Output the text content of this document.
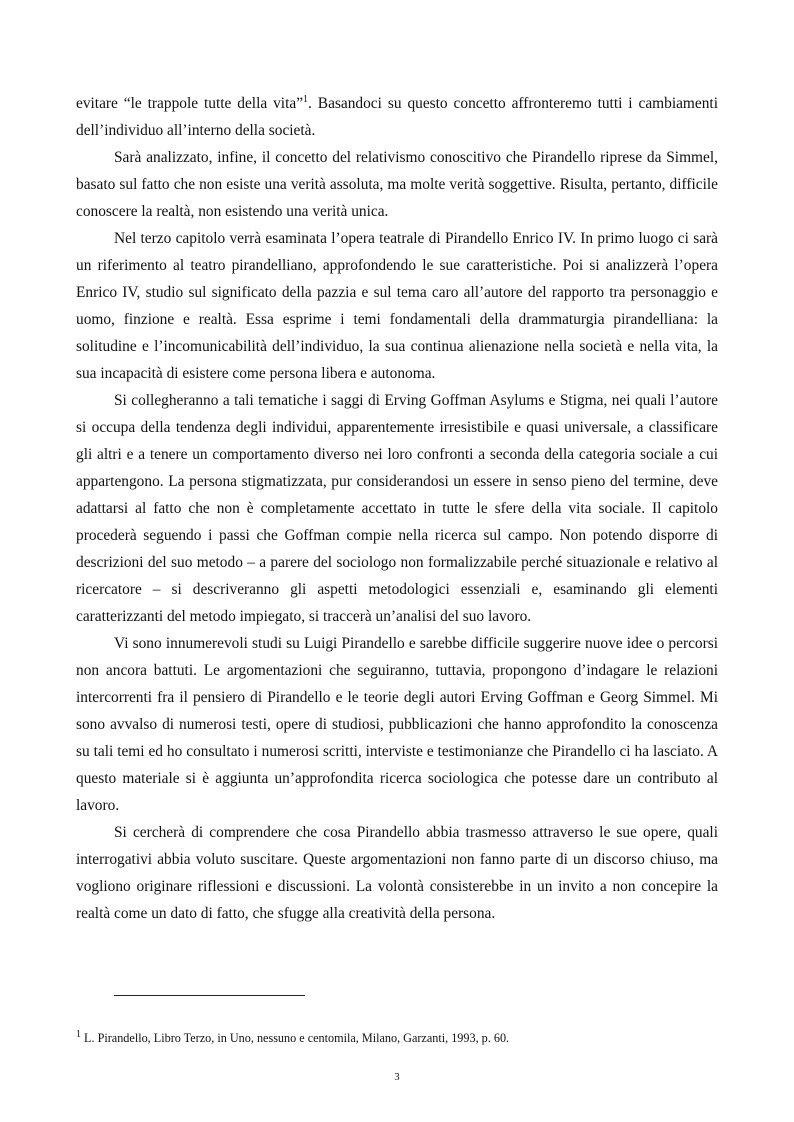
evitare “le trappole tutte della vita”$^1$. Basandoci su questo concetto affronteremo tutti i cambiamenti dell’individuo all’interno della società.

Sarà analizzato, infine, il concetto del relativismo conoscitivo che Pirandello riprese da Simmel, basato sul fatto che non esiste una verità assoluta, ma molte verità soggettive. Risulta, pertanto, difficile conoscere la realtà, non esistendo una verità unica.

Nel terzo capitolo verrà esaminata l’opera teatrale di Pirandello Enrico IV. In primo luogo ci sarà un riferimento al teatro pirandelliano, approfondendo le sue caratteristiche. Poi si analizzerà l’opera Enrico IV, studio sul significato della pazzia e sul tema caro all’autore del rapporto tra personaggio e uomo, finzione e realtà. Essa esprime i temi fondamentali della drammaturgia pirandelliana: la solitudine e l’incomunicabilità dell’individuo, la sua continua alienazione nella società e nella vita, la sua incapacità di esistere come persona libera e autonoma.

Si collegheranno a tali tematiche i saggi di Erving Goffman Asylums e Stigma, nei quali l’autore si occupa della tendenza degli individui, apparentemente irresistibile e quasi universale, a classificare gli altri e a tenere un comportamento diverso nei loro confronti a seconda della categoria sociale a cui appartengono. La persona stigmatizzata, pur considerandosi un essere in senso pieno del termine, deve adattarsi al fatto che non è completamente accettato in tutte le sfere della vita sociale. Il capitolo procederà seguendo i passi che Goffman compie nella ricerca sul campo. Non potendo disporre di descrizioni del suo metodo – a parere del sociologo non formalizzabile perché situazionale e relativo al ricercatore – si descriveranno gli aspetti metodologici essenziali e, esaminando gli elementi caratterizzanti del metodo impiegato, si traccerà un’analisi del suo lavoro.

Vi sono innumerevoli studi su Luigi Pirandello e sarebbe difficile suggerire nuove idee o percorsi non ancora battuti. Le argomentazioni che seguiranno, tuttavia, propongono d’indagare le relazioni intercorrenti fra il pensiero di Pirandello e le teorie degli autori Erving Goffman e Georg Simmel. Mi sono avvalso di numerosi testi, opere di studiosi, pubblicazioni che hanno approfondito la conoscenza su tali temi ed ho consultato i numerosi scritti, interviste e testimonianze che Pirandello ci ha lasciato. A questo materiale si è aggiunta un’approfondita ricerca sociologica che potesse dare un contributo al lavoro.

Si cercherà di comprendere che cosa Pirandello abbia trasmesso attraverso le sue opere, quali interrogativi abbia voluto suscitare. Queste argomentazioni non fanno parte di un discorso chiuso, ma vogliono originare riflessioni e discussioni. La volontà consisterebbe in un invito a non concepire la realtà come un dato di fatto, che sfugge alla creatività della persona.

$^1$ L. Pirandello, Libro Terzo, in Uno, nessuno e centomila, Milano, Garzanti, 1993, p. 60.
3
